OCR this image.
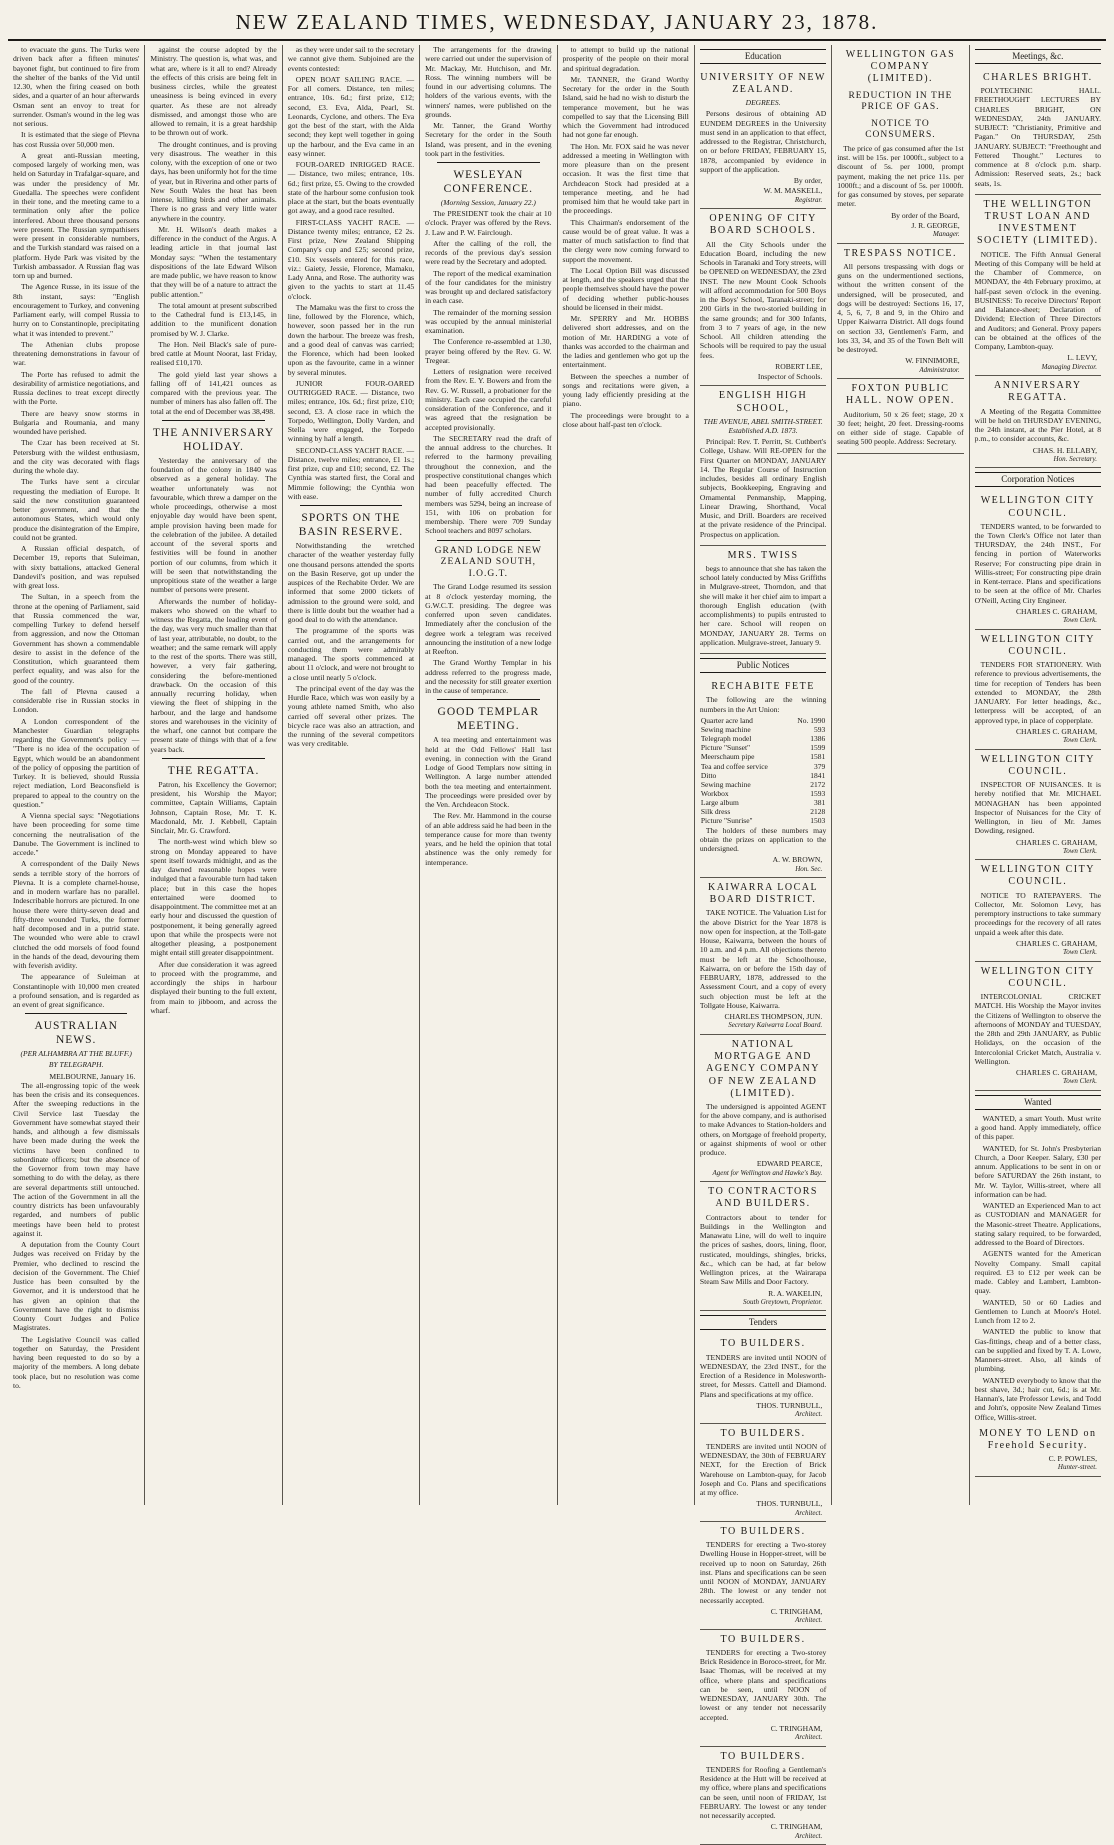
NEW ZEALAND TIMES, WEDNESDAY, JANUARY 23, 1878.

to evacuate the guns. The Turks were driven back after a fifteen minutes' bayonet fight, but continued to fire from the shelter of the banks of the Vid until 12.30, when the firing ceased on both sides, and a quarter of an hour afterwards Osman sent an envoy to treat for surrender. Osman's wound in the leg was not serious.

It is estimated that the siege of Plevna has cost Russia over 50,000 men.

A great anti-Russian meeting, composed largely of working men, was held on Saturday in Trafalgar-square, and was under the presidency of Mr. Guedalla. The speeches were confident in their tone, and the meeting came to a termination only after the police interfered. About three thousand persons were present. The Russian sympathisers were present in considerable numbers, and the Turkish standard was raised on a platform. Hyde Park was visited by the Turkish ambassador. A Russian flag was torn up and burned.

The Agence Russe, in its issue of the 8th instant, says: "English encouragement to Turkey, and convening Parliament early, will compel Russia to hurry on to Constantinople, precipitating what it was intended to prevent."

The Athenian clubs propose threatening demonstrations in favour of war.

The Porte has refused to admit the desirability of armistice negotiations, and Russia declines to treat except directly with the Porte.

There are heavy snow storms in Bulgaria and Roumania, and many wounded have perished.

The Czar has been received at St. Petersburg with the wildest enthusiasm, and the city was decorated with flags during the whole day.

The Turks have sent a circular requesting the mediation of Europe. It said the new constitution guaranteed better government, and that the autonomous States, which would only produce the disintegration of the Empire, could not be granted.

A Russian official despatch, of December 19, reports that Suleiman, with sixty battalions, attacked General Dandevil's position, and was repulsed with great loss.

The Sultan, in a speech from the throne at the opening of Parliament, said that Russia commenced the war, compelling Turkey to defend herself from aggression, and now the Ottoman Government has shown a commendable desire to assist in the defence of the Constitution, which guaranteed them perfect equality, and was also for the good of the country.

The fall of Plevna caused a considerable rise in Russian stocks in London.

A London correspondent of the Manchester Guardian telegraphs regarding the Government's policy — "There is no idea of the occupation of Egypt, which would be an abandonment of the policy of opposing the partition of Turkey. It is believed, should Russia reject mediation, Lord Beaconsfield is prepared to appeal to the country on the question."

A Vienna special says: "Negotiations have been proceeding for some time concerning the neutralisation of the Danube. The Government is inclined to accede."

A correspondent of the Daily News sends a terrible story of the horrors of Plevna. It is a complete charnel-house, and in modern warfare has no parallel. Indescribable horrors are pictured. In one house there were thirty-seven dead and fifty-three wounded Turks, the former half decomposed and in a putrid state. The wounded who were able to crawl clutched the odd morsels of food found in the hands of the dead, devouring them with feverish avidity.

The appearance of Suleiman at Constantinople with 10,000 men created a profound sensation, and is regarded as an event of great significance.

AUSTRALIAN NEWS.
(PER ALHAMBRA AT THE BLUFF.)
BY TELEGRAPH.
MELBOURNE, January 16.

The all-engrossing topic of the week has been the crisis and its consequences. After the sweeping reductions in the Civil Service last Tuesday the Government have somewhat stayed their hands, and although a few dismissals have been made during the week the victims have been confined to subordinate officers; but the absence of the Governor from town may have something to do with the delay, as there are several departments still untouched. The action of the Government in all the country districts has been unfavourably regarded, and numbers of public meetings have been held to protest against it.

A deputation from the County Court Judges was received on Friday by the Premier, who declined to rescind the decision of the Government. The Chief Justice has been consulted by the Governor, and it is understood that he has given an opinion that the Government have the right to dismiss County Court Judges and Police Magistrates.

The Legislative Council was called together on Saturday, the President having been requested to do so by a majority of the members. A long debate took place, but no resolution was come to.

against the course adopted by the Ministry. The question is, what was, and what are, where is it all to end? Already the effects of this crisis are being felt in business circles, while the greatest uneasiness is being evinced in every quarter. As these are not already dismissed, and amongst those who are allowed to remain, it is a great hardship to be thrown out of work.

The drought continues, and is proving very disastrous. The weather in this colony, with the exception of one or two days, has been uniformly hot for the time of year, but in Riverina and other parts of New South Wales the heat has been intense, killing birds and other animals. There is no grass and very little water anywhere in the country.

Mr. H. Wilson's death makes a difference in the conduct of the Argus. A leading article in that journal last Monday says: "When the testamentary dispositions of the late Edward Wilson are made public, we have reason to know that they will be of a nature to attract the public attention."

The total amount at present subscribed to the Cathedral fund is £13,145, in addition to the munificent donation promised by W. J. Clarke.

The Hon. Neil Black's sale of pure-bred cattle at Mount Noorat, last Friday, realised £10,170.

The gold yield last year shows a falling off of 141,421 ounces as compared with the previous year. The number of miners has also fallen off. The total at the end of December was 38,498.

THE ANNIVERSARY HOLIDAY.

Yesterday the anniversary of the foundation of the colony in 1840 was observed as a general holiday. The weather unfortunately was not favourable, which threw a damper on the whole proceedings, otherwise a most enjoyable day would have been spent, ample provision having been made for the celebration of the jubilee. A detailed account of the several sports and festivities will be found in another portion of our columns, from which it will be seen that notwithstanding the unpropitious state of the weather a large number of persons were present.

Afterwards the number of holiday-makers who showed on the wharf to witness the Regatta, the leading event of the day, was very much smaller than that of last year, attributable, no doubt, to the weather; and the same remark will apply to the rest of the sports. There was still, however, a very fair gathering, considering the before-mentioned drawback. On the occasion of this annually recurring holiday, when viewing the fleet of shipping in the harbour, and the large and handsome stores and warehouses in the vicinity of the wharf, one cannot but compare the present state of things with that of a few years back.

THE REGATTA.

Patron, his Excellency the Governor; president, his Worship the Mayor; committee, Captain Williams, Captain Johnson, Captain Rose, Mr. T. K. Macdonald, Mr. J. Kebbell, Captain Sinclair, Mr. G. Crawford.

The north-west wind which blew so strong on Monday appeared to have spent itself towards midnight, and as the day dawned reasonable hopes were indulged that a favourable turn had taken place; but in this case the hopes entertained were doomed to disappointment. The committee met at an early hour and discussed the question of postponement, it being generally agreed upon that while the prospects were not altogether pleasing, a postponement might entail still greater disappointment.

After due consideration it was agreed to proceed with the programme, and accordingly the ships in harbour displayed their bunting to the full extent, from main to jibboom, and across the wharf.

as they were under sail to the secretary we cannot give them. Subjoined are the events contested:

OPEN BOAT SAILING RACE. — For all comers. Distance, ten miles; entrance, 10s. 6d.; first prize, £12; second, £3. Eva, Alda, Pearl, St. Leonards, Cyclone, and others. The Eva got the best of the start, with the Alda second; they kept well together in going up the harbour, and the Eva came in an easy winner.

FOUR-OARED INRIGGED RACE. — Distance, two miles; entrance, 10s. 6d.; first prize, £5. Owing to the crowded state of the harbour some confusion took place at the start, but the boats eventually got away, and a good race resulted.

FIRST-CLASS YACHT RACE. — Distance twenty miles; entrance, £2 2s. First prize, New Zealand Shipping Company's cup and £25; second prize, £10. Six vessels entered for this race, viz.: Gaiety, Jessie, Florence, Mamaku, Lady Anna, and Rose. The authority was given to the yachts to start at 11.45 o'clock.

The Mamaku was the first to cross the line, followed by the Florence, which, however, soon passed her in the run down the harbour. The breeze was fresh, and a good deal of canvas was carried; the Florence, which had been looked upon as the favourite, came in a winner by several minutes.

JUNIOR FOUR-OARED OUTRIGGED RACE. — Distance, two miles; entrance, 10s. 6d.; first prize, £10; second, £3. A close race in which the Torpedo, Wellington, Dolly Varden, and Stella were engaged, the Torpedo winning by half a length.

SECOND-CLASS YACHT RACE. — Distance, twelve miles; entrance, £1 1s.; first prize, cup and £10; second, £2. The Cynthia was started first, the Coral and Mimmie following; the Cynthia won with ease.

SPORTS ON THE BASIN RESERVE.

Notwithstanding the wretched character of the weather yesterday fully one thousand persons attended the sports on the Basin Reserve, got up under the auspices of the Rechabite Order. We are informed that some 2000 tickets of admission to the ground were sold, and there is little doubt but the weather had a good deal to do with the attendance.

The programme of the sports was carried out, and the arrangements for conducting them were admirably managed. The sports commenced at about 11 o'clock, and were not brought to a close until nearly 5 o'clock.

The principal event of the day was the Hurdle Race, which was won easily by a young athlete named Smith, who also carried off several other prizes. The bicycle race was also an attraction, and the running of the several competitors was very creditable.

The arrangements for the drawing were carried out under the supervision of Mr. Mackay, Mr. Hutchison, and Mr. Ross. The winning numbers will be found in our advertising columns. The holders of the various events, with the winners' names, were published on the grounds.

Mr. Tanner, the Grand Worthy Secretary for the order in the South Island, was present, and in the evening took part in the festivities.

WESLEYAN CONFERENCE.
(Morning Session, January 22.)

The PRESIDENT took the chair at 10 o'clock. Prayer was offered by the Revs. J. Law and P. W. Fairclough.

After the calling of the roll, the records of the previous day's session were read by the Secretary and adopted.

The report of the medical examination of the four candidates for the ministry was brought up and declared satisfactory in each case.

The remainder of the morning session was occupied by the annual ministerial examination.

The Conference re-assembled at 1.30, prayer being offered by the Rev. G. W. Tregear.

Letters of resignation were received from the Rev. E. Y. Bowers and from the Rev. G. W. Russell, a probationer for the ministry. Each case occupied the careful consideration of the Conference, and it was agreed that the resignation be accepted provisionally.

The SECRETARY read the draft of the annual address to the churches. It referred to the harmony prevailing throughout the connexion, and the prospective constitutional changes which had been peacefully effected. The number of fully accredited Church members was 5294, being an increase of 151, with 106 on probation for membership. There were 709 Sunday School teachers and 8097 scholars.

GRAND LODGE NEW ZEALAND SOUTH, I.O.G.T.

The Grand Lodge resumed its session at 8 o'clock yesterday morning, the G.W.C.T. presiding. The degree was conferred upon seven candidates. Immediately after the conclusion of the degree work a telegram was received announcing the institution of a new lodge at Reefton.

The Grand Worthy Templar in his address referred to the progress made, and the necessity for still greater exertion in the cause of temperance.

GOOD TEMPLAR MEETING.

A tea meeting and entertainment was held at the Odd Fellows' Hall last evening, in connection with the Grand Lodge of Good Templars now sitting in Wellington. A large number attended both the tea meeting and entertainment. The proceedings were presided over by the Ven. Archdeacon Stock.

The Rev. Mr. Hammond in the course of an able address said he had been in the temperance cause for more than twenty years, and he held the opinion that total abstinence was the only remedy for intemperance.

to attempt to build up the national prosperity of the people on their moral and spiritual degradation.

Mr. TANNER, the Grand Worthy Secretary for the order in the South Island, said he had no wish to disturb the temperance movement, but he was compelled to say that the Licensing Bill which the Government had introduced had not gone far enough.

The Hon. Mr. FOX said he was never addressed a meeting in Wellington with more pleasure than on the present occasion. It was the first time that Archdeacon Stock had presided at a temperance meeting, and he had promised him that he would take part in the proceedings.

This Chairman's endorsement of the cause would be of great value. It was a matter of much satisfaction to find that the clergy were now coming forward to support the movement.

The Local Option Bill was discussed at length, and the speakers urged that the people themselves should have the power of deciding whether public-houses should be licensed in their midst.

Mr. SPERRY and Mr. HOBBS delivered short addresses, and on the motion of Mr. HARDING a vote of thanks was accorded to the chairman and the ladies and gentlemen who got up the entertainment.

Between the speeches a number of songs and recitations were given, a young lady efficiently presiding at the piano.

The proceedings were brought to a close about half-past ten o'clock.

Education
UNIVERSITY OF NEW ZEALAND.
DEGREES.

Persons desirous of obtaining AD EUNDEM DEGREES in the University must send in an application to that effect, addressed to the Registrar, Christchurch, on or before FRIDAY, FEBRUARY 15, 1878, accompanied by evidence in support of the application.

By order,
W. M. MASKELL,
Registrar.
OPENING OF CITY BOARD SCHOOLS.

All the City Schools under the Education Board, including the new Schools in Taranaki and Tory streets, will be OPENED on WEDNESDAY, the 23rd INST. The new Mount Cook Schools will afford accommodation for 500 Boys in the Boys' School, Taranaki-street; for 200 Girls in the two-storied building in the same grounds; and for 300 Infants, from 3 to 7 years of age, in the new School. All children attending the Schools will be required to pay the usual fees.

ROBERT LEE,
Inspector of Schools.
ENGLISH HIGH SCHOOL,
THE AVENUE, ABEL SMITH-STREET. Established A.D. 1873.

Principal: Rev. T. Perritt, St. Cuthbert's College, Ushaw. Will RE-OPEN for the First Quarter on MONDAY, JANUARY 14. The Regular Course of Instruction includes, besides all ordinary English subjects, Bookkeeping, Engraving and Ornamental Penmanship, Mapping, Linear Drawing, Shorthand, Vocal Music, and Drill. Boarders are received at the private residence of the Principal. Prospectus on application.

MRS. TWISS

begs to announce that she has taken the school lately conducted by Miss Griffiths in Mulgrave-street, Thorndon, and that she will make it her chief aim to impart a thorough English education (with accomplishments) to pupils entrusted to her care. School will reopen on MONDAY, JANUARY 28. Terms on application. Mulgrave-street, January 9.

Public Notices
RECHABITE FETE

The following are the winning numbers in the Art Union:

Quarter acre land	No. 1990
Sewing machine	593
Telegraph model	1386
Picture "Sunset"	1599
Meerschaum pipe	1581
Tea and coffee service	379
Ditto	1841
Sewing machine	2172
Workbox	1593
Large album	381
Silk dress	2128
Picture "Sunrise"	1503

The holders of these numbers may obtain the prizes on application to the undersigned.

A. W. BROWN,
Hon. Sec.
KAIWARRA LOCAL BOARD DISTRICT.

TAKE NOTICE. The Valuation List for the above District for the Year 1878 is now open for inspection, at the Toll-gate House, Kaiwarra, between the hours of 10 a.m. and 4 p.m. All objections thereto must be left at the Schoolhouse, Kaiwarra, on or before the 15th day of FEBRUARY, 1878, addressed to the Assessment Court, and a copy of every such objection must be left at the Tollgate House, Kaiwarra.

CHARLES THOMPSON, JUN.
Secretary Kaiwarra Local Board.
NATIONAL MORTGAGE AND AGENCY COMPANY OF NEW ZEALAND (LIMITED).

The undersigned is appointed AGENT for the above company, and is authorised to make Advances to Station-holders and others, on Mortgage of freehold property, or against shipments of wool or other produce.

EDWARD PEARCE,
Agent for Wellington and Hawke's Bay.
TO CONTRACTORS AND BUILDERS.

Contractors about to tender for Buildings in the Wellington and Manawatu Line, will do well to inquire the prices of sashes, doors, lining, floor, rusticated, mouldings, shingles, bricks, &c., which can be had, at far below Wellington prices, at the Wairarapa Steam Saw Mills and Door Factory.

R. A. WAKELIN,
South Greytown, Proprietor.
Tenders
TO BUILDERS.

TENDERS are invited until NOON of WEDNESDAY, the 23rd INST., for the Erection of a Residence in Molesworth-street, for Messrs. Cattell and Diamond. Plans and specifications at my office.

THOS. TURNBULL,
Architect.
TO BUILDERS.

TENDERS are invited until NOON of WEDNESDAY, the 30th of FEBRUARY NEXT, for the Erection of Brick Warehouse on Lambton-quay, for Jacob Joseph and Co. Plans and specifications at my office.

THOS. TURNBULL,
Architect.
TO BUILDERS.

TENDERS for erecting a Two-storey Dwelling House in Hopper-street, will be received up to noon on Saturday, 26th inst. Plans and specifications can be seen until NOON of MONDAY, JANUARY 28th. The lowest or any tender not necessarily accepted.

C. TRINGHAM,
Architect.
TO BUILDERS.

TENDERS for erecting a Two-storey Brick Residence in Boroco-street, for Mr. Isaac Thomas, will be received at my office, where plans and specifications can be seen, until NOON of WEDNESDAY, JANUARY 30th. The lowest or any tender not necessarily accepted.

C. TRINGHAM,
Architect.
TO BUILDERS.

TENDERS for Roofing a Gentleman's Residence at the Hutt will be received at my office, where plans and specifications can be seen, until noon of FRIDAY, 1st FEBRUARY. The lowest or any tender not necessarily accepted.

C. TRINGHAM,
Architect.
WELLINGTON GAS COMPANY (LIMITED).
REDUCTION IN THE PRICE OF GAS.
NOTICE TO CONSUMERS.

The price of gas consumed after the 1st inst. will be 15s. per 1000ft., subject to a discount of 5s. per 1000, prompt payment, making the net price 11s. per 1000ft.; and a discount of 5s. per 1000ft. for gas consumed by stoves, per separate meter.

By order of the Board,
J. R. GEORGE,
Manager.
TRESPASS NOTICE.

All persons trespassing with dogs or guns on the undermentioned sections, without the written consent of the undersigned, will be prosecuted, and dogs will be destroyed: Sections 16, 17, 4, 5, 6, 7, 8 and 9, in the Ohiro and Upper Kaiwarra District. All dogs found on section 33, Gentlemen's Farm, and lots 33, 34, and 35 of the Town Belt will be destroyed.

W. FINNIMORE,
Administrator.
FOXTON PUBLIC HALL. NOW OPEN.

Auditorium, 50 x 26 feet; stage, 20 x 30 feet; height, 20 feet. Dressing-rooms on either side of stage. Capable of seating 500 people. Address: Secretary.

Meetings, &c.
CHARLES BRIGHT.

POLYTECHNIC HALL. FREETHOUGHT LECTURES BY CHARLES BRIGHT, ON WEDNESDAY, 24th JANUARY. SUBJECT: "Christianity, Primitive and Pagan." On THURSDAY, 25th JANUARY. SUBJECT: "Freethought and Fettered Thought." Lectures to commence at 8 o'clock p.m. sharp. Admission: Reserved seats, 2s.; back seats, 1s.

THE WELLINGTON TRUST LOAN AND INVESTMENT SOCIETY (LIMITED).

NOTICE. The Fifth Annual General Meeting of this Company will be held at the Chamber of Commerce, on MONDAY, the 4th February proximo, at half-past seven o'clock in the evening. BUSINESS: To receive Directors' Report and Balance-sheet; Declaration of Dividend; Election of Three Directors and Auditors; and General. Proxy papers can be obtained at the offices of the Company, Lambton-quay.

L. LEVY,
Managing Director.
ANNIVERSARY REGATTA.

A Meeting of the Regatta Committee will be held on THURSDAY EVENING, the 24th instant, at the Pier Hotel, at 8 p.m., to consider accounts, &c.

CHAS. H. ELLABY,
Hon. Secretary.
Corporation Notices
WELLINGTON CITY COUNCIL.

TENDERS wanted, to be forwarded to the Town Clerk's Office not later than THURSDAY, the 24th INST., For fencing in portion of Waterworks Reserve; For constructing pipe drain in Willis-street; For constructing pipe drain in Kent-terrace. Plans and specifications to be seen at the office of Mr. Charles O'Neill, Acting City Engineer.

CHARLES C. GRAHAM,
Town Clerk.
WELLINGTON CITY COUNCIL.

TENDERS FOR STATIONERY. With reference to previous advertisements, the time for reception of Tenders has been extended to MONDAY, the 28th JANUARY. For letter headings, &c., letterpress will be accepted, of an approved type, in place of copperplate.

CHARLES C. GRAHAM,
Town Clerk.
WELLINGTON CITY COUNCIL.

INSPECTOR OF NUISANCES. It is hereby notified that Mr. MICHAEL MONAGHAN has been appointed Inspector of Nuisances for the City of Wellington, in lieu of Mr. James Dowding, resigned.

CHARLES C. GRAHAM,
Town Clerk.
WELLINGTON CITY COUNCIL.

NOTICE TO RATEPAYERS. The Collector, Mr. Solomon Levy, has peremptory instructions to take summary proceedings for the recovery of all rates unpaid a week after this date.

CHARLES C. GRAHAM,
Town Clerk.
WELLINGTON CITY COUNCIL.

INTERCOLONIAL CRICKET MATCH. His Worship the Mayor invites the Citizens of Wellington to observe the afternoons of MONDAY and TUESDAY, the 28th and 29th JANUARY, as Public Holidays, on the occasion of the Intercolonial Cricket Match, Australia v. Wellington.

CHARLES C. GRAHAM,
Town Clerk.
Wanted

WANTED, a smart Youth. Must write a good hand. Apply immediately, office of this paper.

WANTED, for St. John's Presbyterian Church, a Door Keeper. Salary, £30 per annum. Applications to be sent in on or before SATURDAY the 26th instant, to Mr. W. Taylor, Willis-street, where all information can be had.

WANTED an Experienced Man to act as CUSTODIAN and MANAGER for the Masonic-street Theatre. Applications, stating salary required, to be forwarded, addressed to the Board of Directors.

AGENTS wanted for the American Novelty Company. Small capital required. £3 to £12 per week can be made. Cabley and Lambert, Lambton-quay.

WANTED, 50 or 60 Ladies and Gentlemen to Lunch at Moore's Hotel. Lunch from 12 to 2.

WANTED the public to know that Gas-fittings, cheap and of a better class, can be supplied and fixed by T. A. Lowe, Manners-street. Also, all kinds of plumbing.

WANTED everybody to know that the best shave, 3d.; hair cut, 6d.; is at Mr. Hannan's, late Professor Lewis, and Todd and John's, opposite New Zealand Times Office, Willis-street.

MONEY TO LEND on Freehold Security.
C. P. POWLES,
Hunter-street.
